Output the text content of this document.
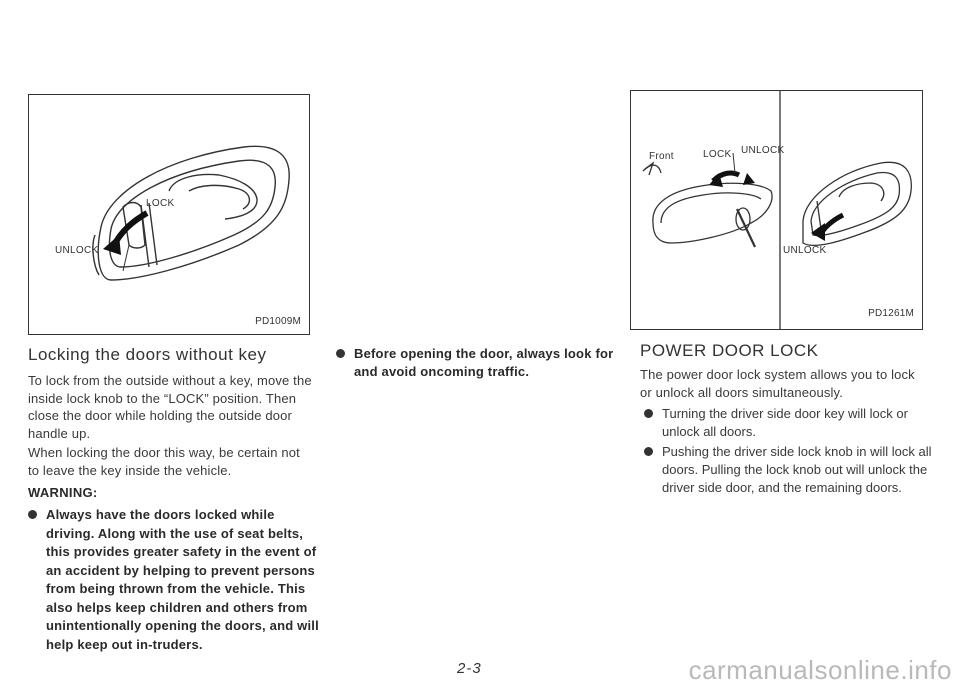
LOCK
UNLOCK
PD1009M
Front	LOCK UNLOCK
UNLOCK
PD1261M
Locking the doors without key

To lock from the outside without a key, move the inside lock knob to the “LOCK” position. Then close the door while holding the outside door handle up.

When locking the door this way, be certain not to leave the key inside the vehicle.

WARNING:

Always have the doors locked while driving. Along with the use of seat belts, this provides greater safety in the event of an accident by helping to prevent persons from being thrown from the vehicle. This also helps keep children and others from unintentionally opening the doors, and will help keep out in-truders.

Before opening the door, always look for and avoid oncoming traffic.

POWER DOOR LOCK

The power door lock system allows you to lock or unlock all doors simultaneously.

Turning the driver side door key will lock or unlock all doors.

Pushing the driver side lock knob in will lock all doors. Pulling the lock knob out will unlock the driver side door, and the remaining doors.

2-3	carmanualsonline.info
